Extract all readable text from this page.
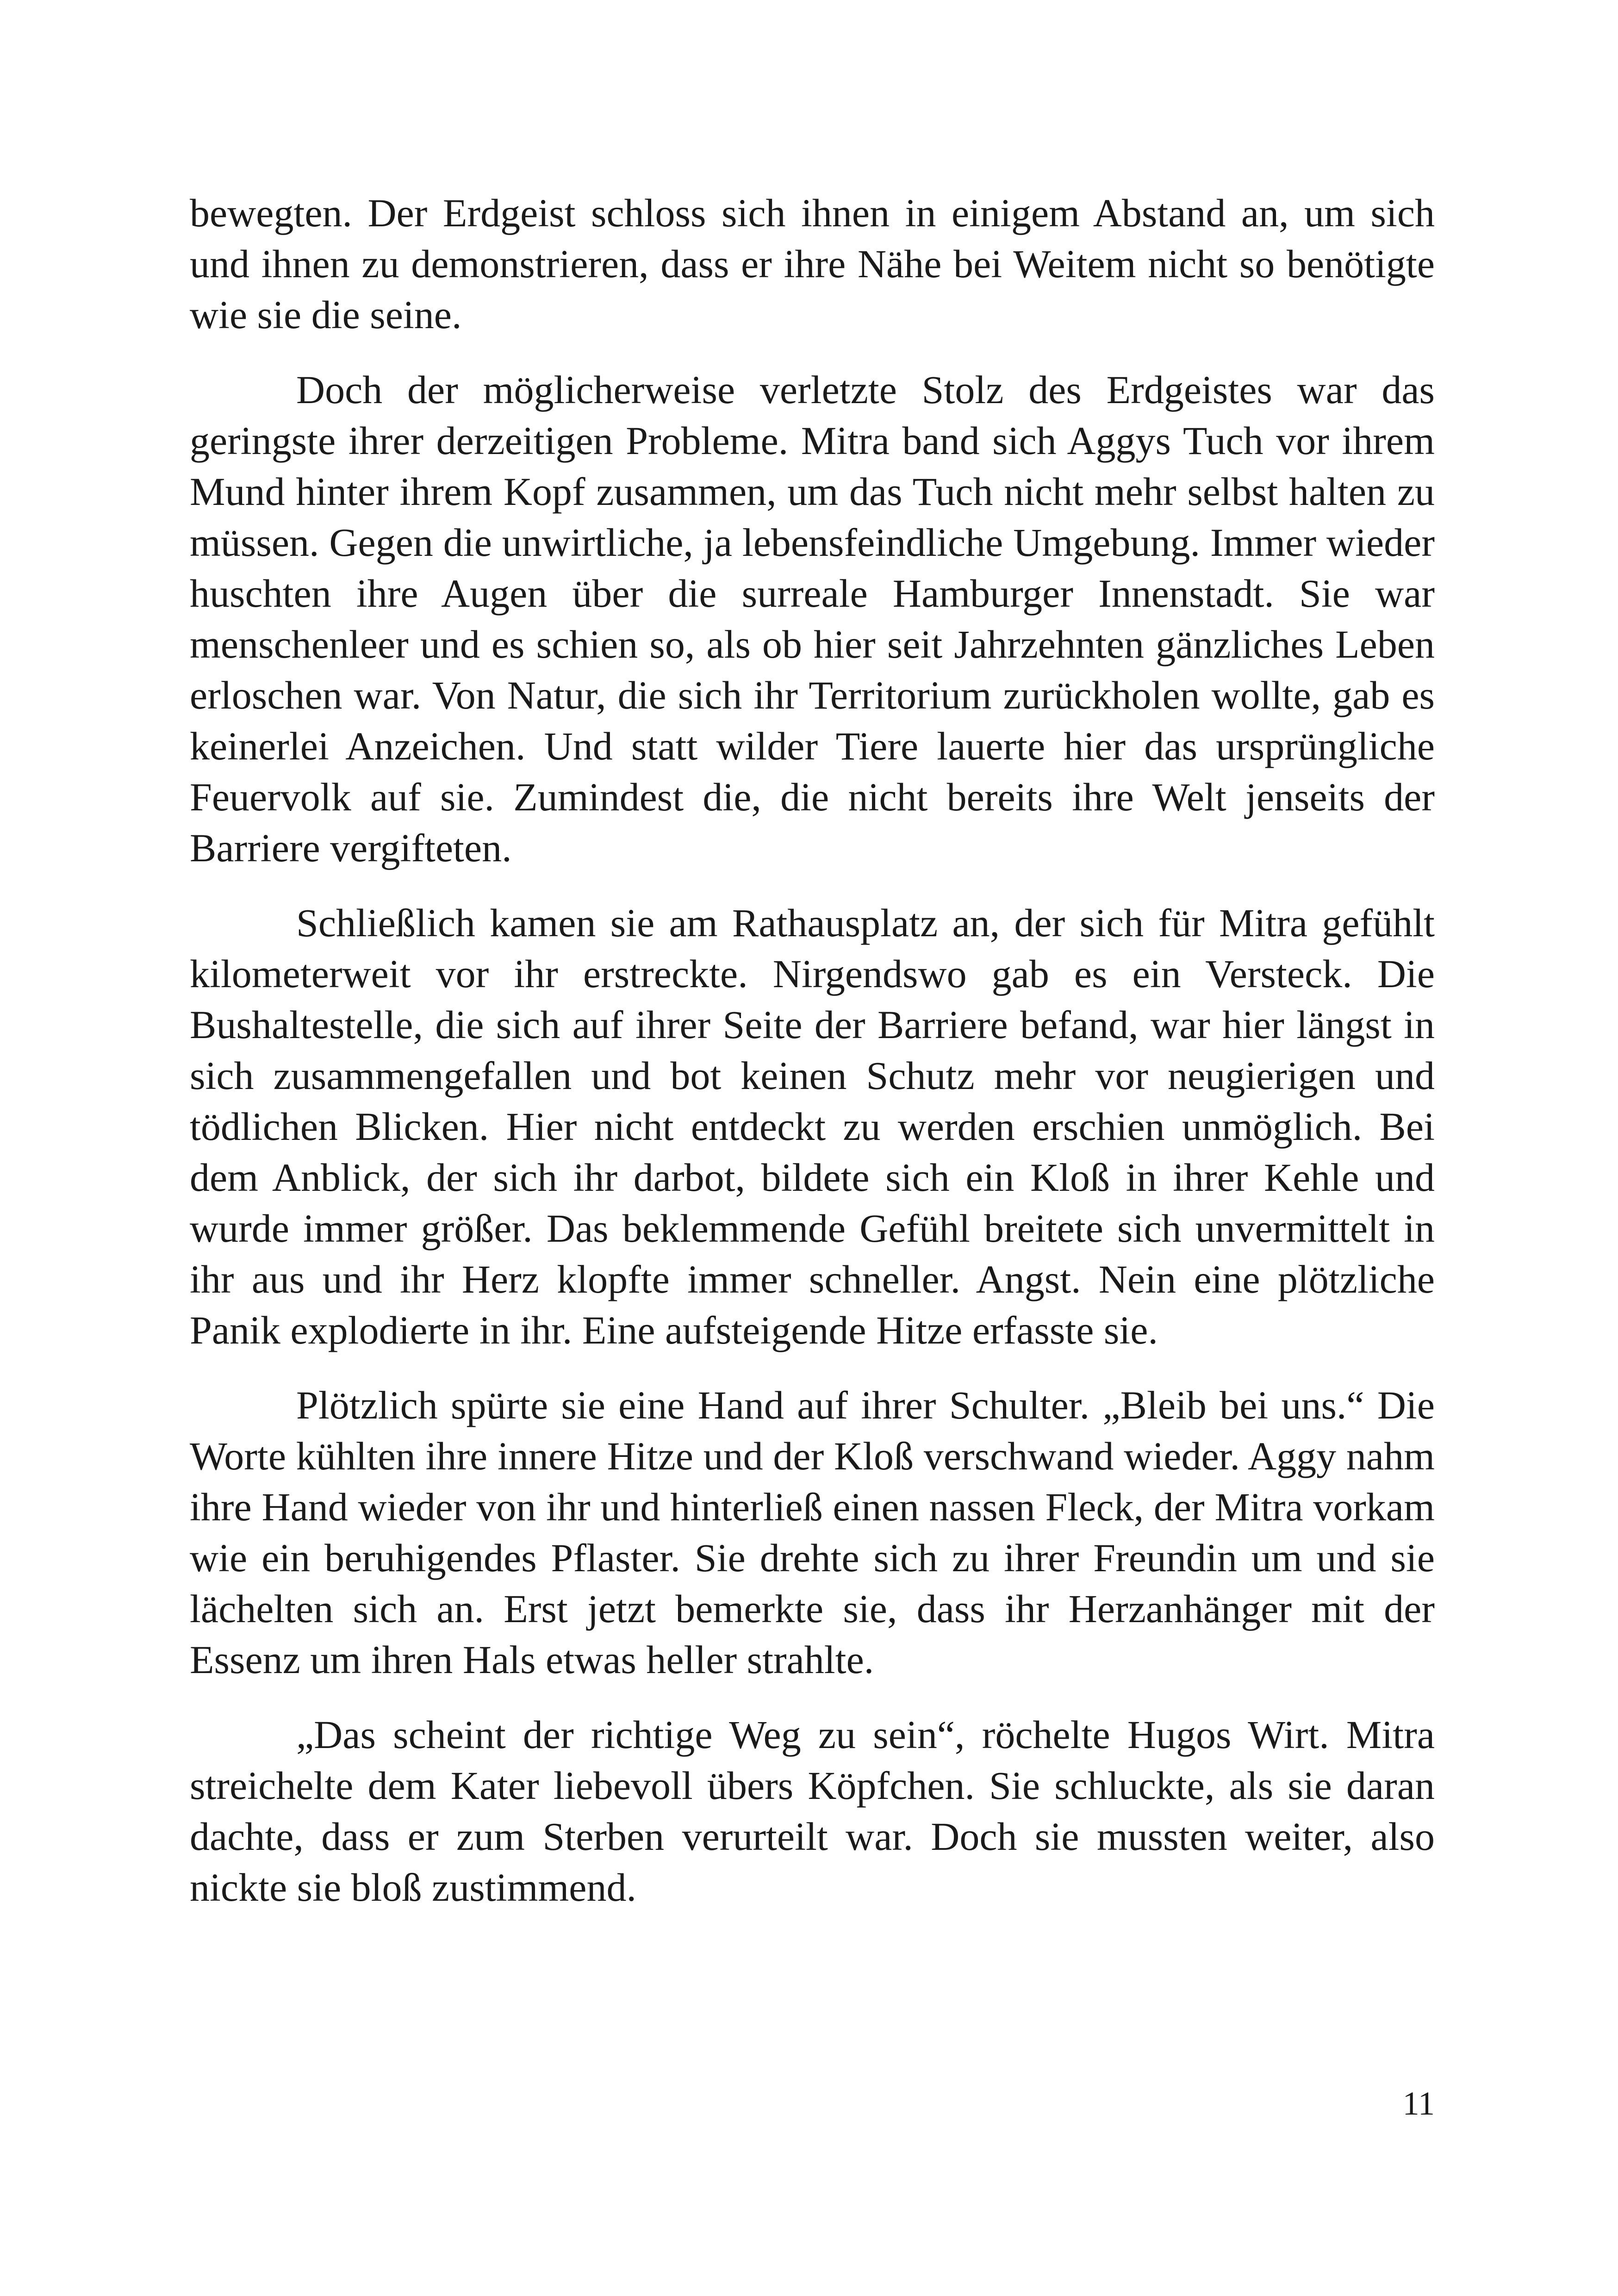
bewegten. Der Erdgeist schloss sich ihnen in einigem Abstand an, um sich und ihnen zu demonstrieren, dass er ihre Nähe bei Weitem nicht so benötigte wie sie die seine.

Doch der möglicherweise verletzte Stolz des Erdgeistes war das geringste ihrer derzeitigen Probleme. Mitra band sich Aggys Tuch vor ihrem Mund hinter ihrem Kopf zusammen, um das Tuch nicht mehr selbst halten zu müssen. Gegen die unwirtliche, ja lebensfeindliche Umgebung. Immer wieder huschten ihre Augen über die surreale Hamburger Innenstadt. Sie war menschenleer und es schien so, als ob hier seit Jahrzehnten gänzliches Leben erloschen war. Von Natur, die sich ihr Territorium zurückholen wollte, gab es keinerlei Anzeichen. Und statt wilder Tiere lauerte hier das ursprüngliche Feuervolk auf sie. Zumindest die, die nicht bereits ihre Welt jenseits der Barriere vergifteten.

Schließlich kamen sie am Rathausplatz an, der sich für Mitra gefühlt kilometerweit vor ihr erstreckte. Nirgendswo gab es ein Versteck. Die Bushaltestelle, die sich auf ihrer Seite der Barriere befand, war hier längst in sich zusammengefallen und bot keinen Schutz mehr vor neugierigen und tödlichen Blicken. Hier nicht entdeckt zu werden erschien unmöglich. Bei dem Anblick, der sich ihr darbot, bildete sich ein Kloß in ihrer Kehle und wurde immer größer. Das beklemmende Gefühl breitete sich unvermittelt in ihr aus und ihr Herz klopfte immer schneller. Angst. Nein eine plötzliche Panik explodierte in ihr. Eine aufsteigende Hitze erfasste sie.

Plötzlich spürte sie eine Hand auf ihrer Schulter. „Bleib bei uns.“ Die Worte kühlten ihre innere Hitze und der Kloß verschwand wieder. Aggy nahm ihre Hand wieder von ihr und hinterließ einen nassen Fleck, der Mitra vorkam wie ein beruhigendes Pflaster. Sie drehte sich zu ihrer Freundin um und sie lächelten sich an. Erst jetzt bemerkte sie, dass ihr Herzanhänger mit der Essenz um ihren Hals etwas heller strahlte.

„Das scheint der richtige Weg zu sein“, röchelte Hugos Wirt. Mitra streichelte dem Kater liebevoll übers Köpfchen. Sie schluckte, als sie daran dachte, dass er zum Sterben verurteilt war. Doch sie mussten weiter, also nickte sie bloß zustimmend.

11
